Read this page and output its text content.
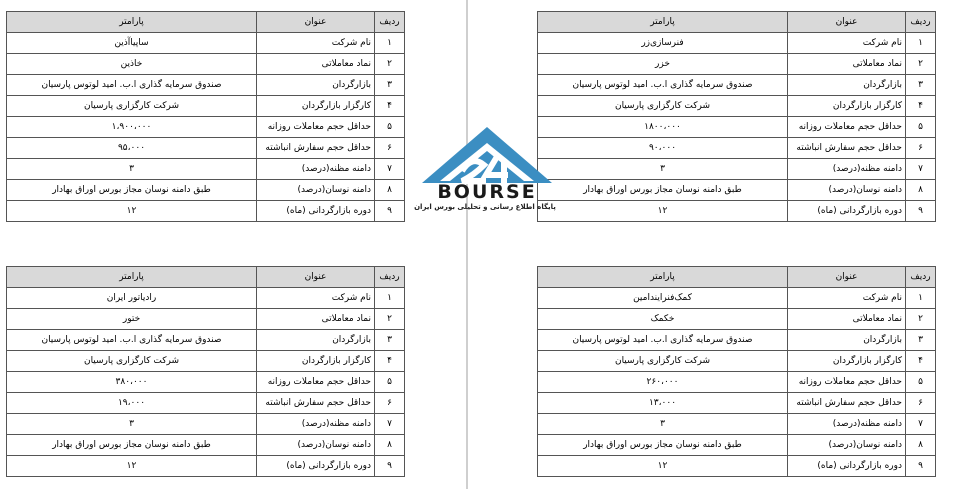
ردیف	عنوان	پارامتر
۱	نام شرکت	ساپیاآذین
۲	نماد معاملاتی	خاذین
۳	بازارگردان	صندوق سرمایه گذاری ا.ب. امید لوتوس پارسیان
۴	کارگزار بازارگردان	شرکت کارگزاری پارسیان
۵	حداقل حجم معاملات روزانه	۱،۹۰۰،۰۰۰
۶	حداقل حجم سفارش انباشته	۹۵،۰۰۰
۷	دامنه مظنه(درصد)	۳
۸	دامنه نوسان(درصد)	طبق دامنه نوسان مجاز بورس اوراق بهادار
۹	دوره بازارگردانی (ماه)	۱۲
ردیف	عنوان	پارامتر
۱	نام شرکت	فنرسازی‌زر
۲	نماد معاملاتی	خزر
۳	بازارگردان	صندوق سرمایه گذاری ا.ب. امید لوتوس پارسیان
۴	کارگزار بازارگردان	شرکت کارگزاری پارسیان
۵	حداقل حجم معاملات روزانه	۱۸۰۰،۰۰۰
۶	حداقل حجم سفارش انباشته	۹۰،۰۰۰
۷	دامنه مظنه(درصد)	۳
۸	دامنه نوسان(درصد)	طبق دامنه نوسان مجاز بورس اوراق بهادار
۹	دوره بازارگردانی (ماه)	۱۲
ردیف	عنوان	پارامتر
۱	نام شرکت	رادیاتور ایران
۲	نماد معاملاتی	ختور
۳	بازارگردان	صندوق سرمایه گذاری ا.ب. امید لوتوس پارسیان
۴	کارگزار بازارگردان	شرکت کارگزاری پارسیان
۵	حداقل حجم معاملات روزانه	۳۸۰،۰۰۰
۶	حداقل حجم سفارش انباشته	۱۹،۰۰۰
۷	دامنه مظنه(درصد)	۳
۸	دامنه نوسان(درصد)	طبق دامنه نوسان مجاز بورس اوراق بهادار
۹	دوره بازارگردانی (ماه)	۱۲
ردیف	عنوان	پارامتر
۱	نام شرکت	کمک‌فنرایندامین
۲	نماد معاملاتی	خکمک
۳	بازارگردان	صندوق سرمایه گذاری ا.ب. امید لوتوس پارسیان
۴	کارگزار بازارگردان	شرکت کارگزاری پارسیان
۵	حداقل حجم معاملات روزانه	۲۶۰،۰۰۰
۶	حداقل حجم سفارش انباشته	۱۳،۰۰۰
۷	دامنه مظنه(درصد)	۳
۸	دامنه نوسان(درصد)	طبق دامنه نوسان مجاز بورس اوراق بهادار
۹	دوره بازارگردانی (ماه)	۱۲
BOURSE
پایگاه اطلاع رسانی و تحلیلی بورس ایران
